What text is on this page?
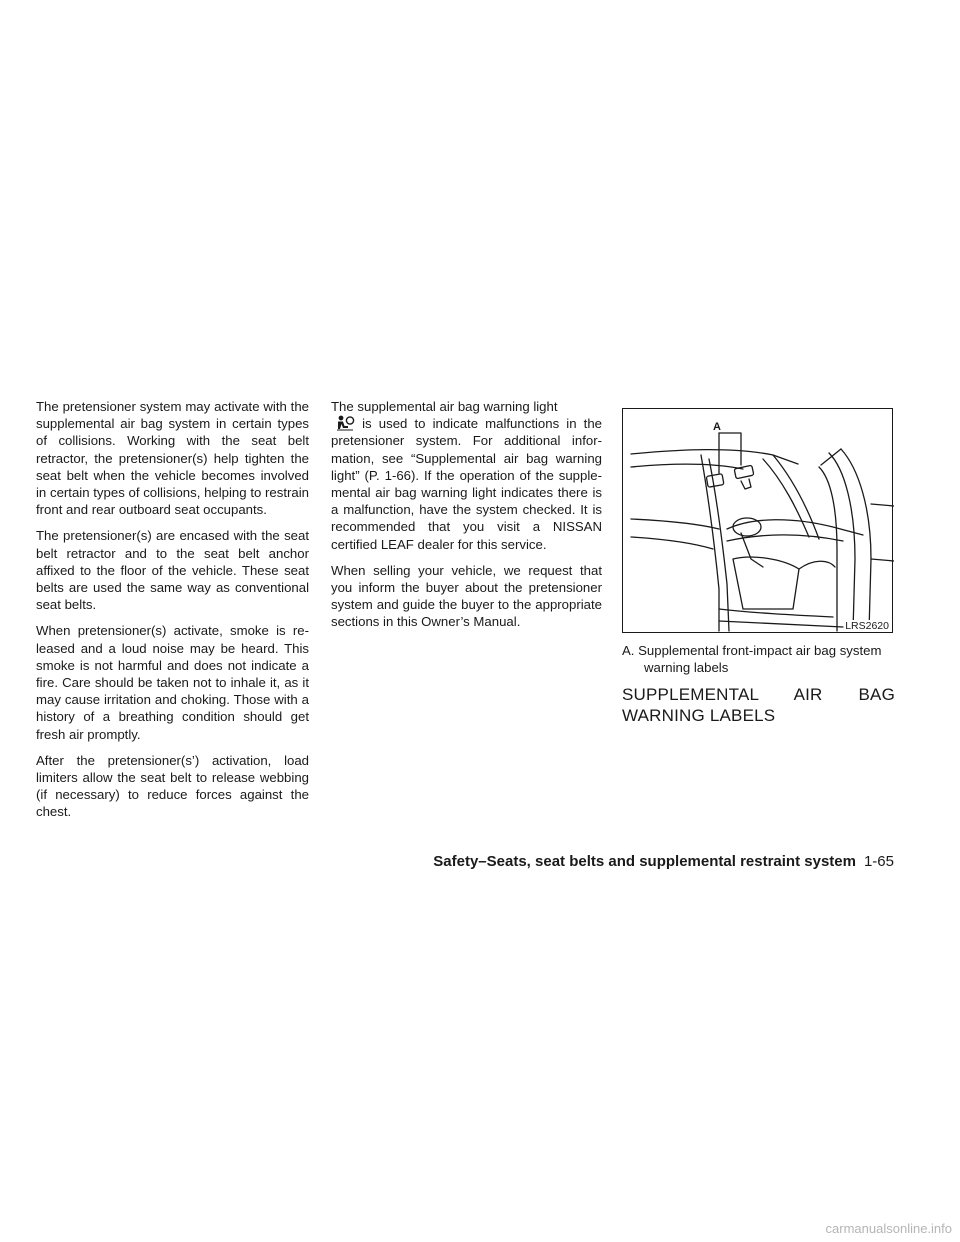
The pretensioner system may activate with the supplemental air bag system in certain types of collisions. Working with the seat belt retractor, the pretensioner(s) help tighten the seat belt when the vehicle becomes involved in certain types of collisions, helping to restrain front and rear outboard seat occupants.

The pretensioner(s) are encased with the seat belt retractor and to the seat belt anchor affixed to the floor of the vehicle. These seat belts are used the same way as conventional seat belts.

When pretensioner(s) activate, smoke is released and a loud noise may be heard. This smoke is not harmful and does not indicate a fire. Care should be taken not to inhale it, as it may cause irritation and choking. Those with a history of a breathing condition should get fresh air promptly.

After the pretensioner(s’) activation, load limiters allow the seat belt to release webbing (if necessary) to reduce forces against the chest.

The supplemental air bag warning light
is used to indicate malfunctions in the pretensioner system. For additional information, see “Supplemental air bag warning light” (P. 1-66). If the operation of the supplemental air bag warning light indicates there is a malfunction, have the system checked. It is recommended that you visit a NISSAN certified LEAF dealer for this service.

When selling your vehicle, we request that you inform the buyer about the pretensioner system and guide the buyer to the appropriate sections in this Owner’s Manual.

A
LRS2620
A. Supplemental front-impact air bag system warning labels
SUPPLEMENTAL AIR BAG WARNING LABELS
Safety–Seats, seat belts and supplemental restraint system 1-65
carmanualsonline.info
